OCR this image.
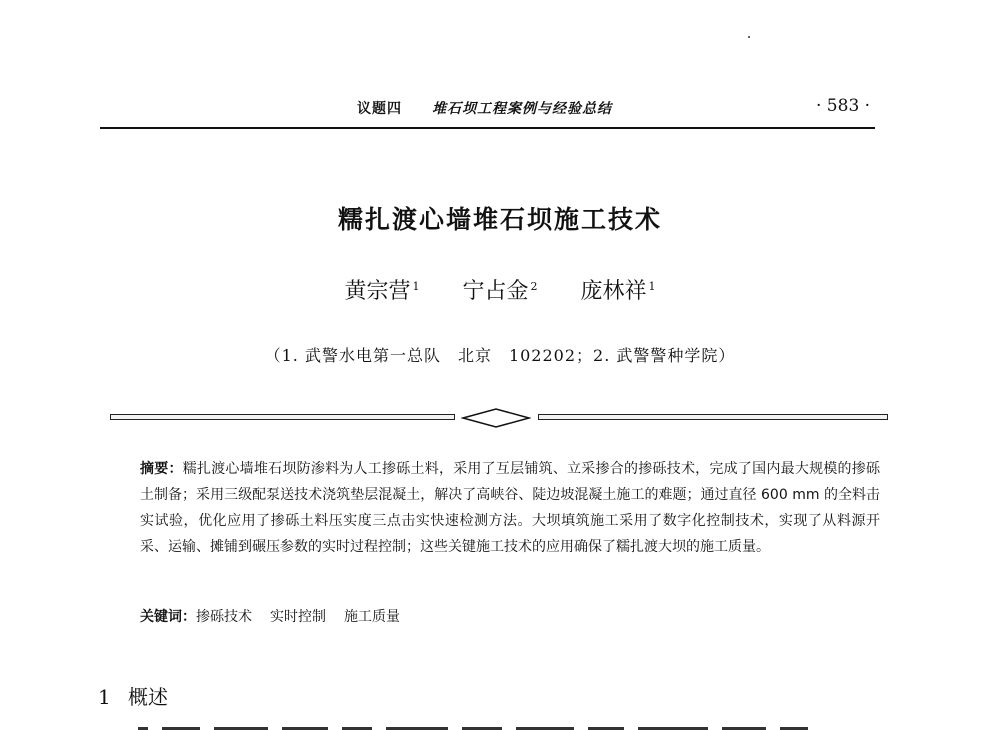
议题四 堆石坝工程案例与经验总结	· 583 ·
糯扎渡心墙堆石坝施工技术
黄宗营 $^1$ 宁占金 $^2$ 庞林祥 $^1$
（1. 武警水电第一总队　北京　102202；2. 武警警种学院）
摘要：糯扎渡心墙堆石坝防渗料为人工掺砾土料，采用了互层铺筑、立采掺合的掺砾技术，完成了国内最大规模的掺砾土制备；采用三级配泵送技术浇筑垫层混凝土，解决了高峡谷、陡边坡混凝土施工的难题；通过直径 600 mm 的全料击实试验，优化应用了掺砾土料压实度三点击实快速检测方法。大坝填筑施工采用了数字化控制技术，实现了从料源开采、运输、摊铺到碾压参数的实时过程控制；这些关键施工技术的应用确保了糯扎渡大坝的施工质量。
关键词：掺砾技术 实时控制 施工质量
1 概述
